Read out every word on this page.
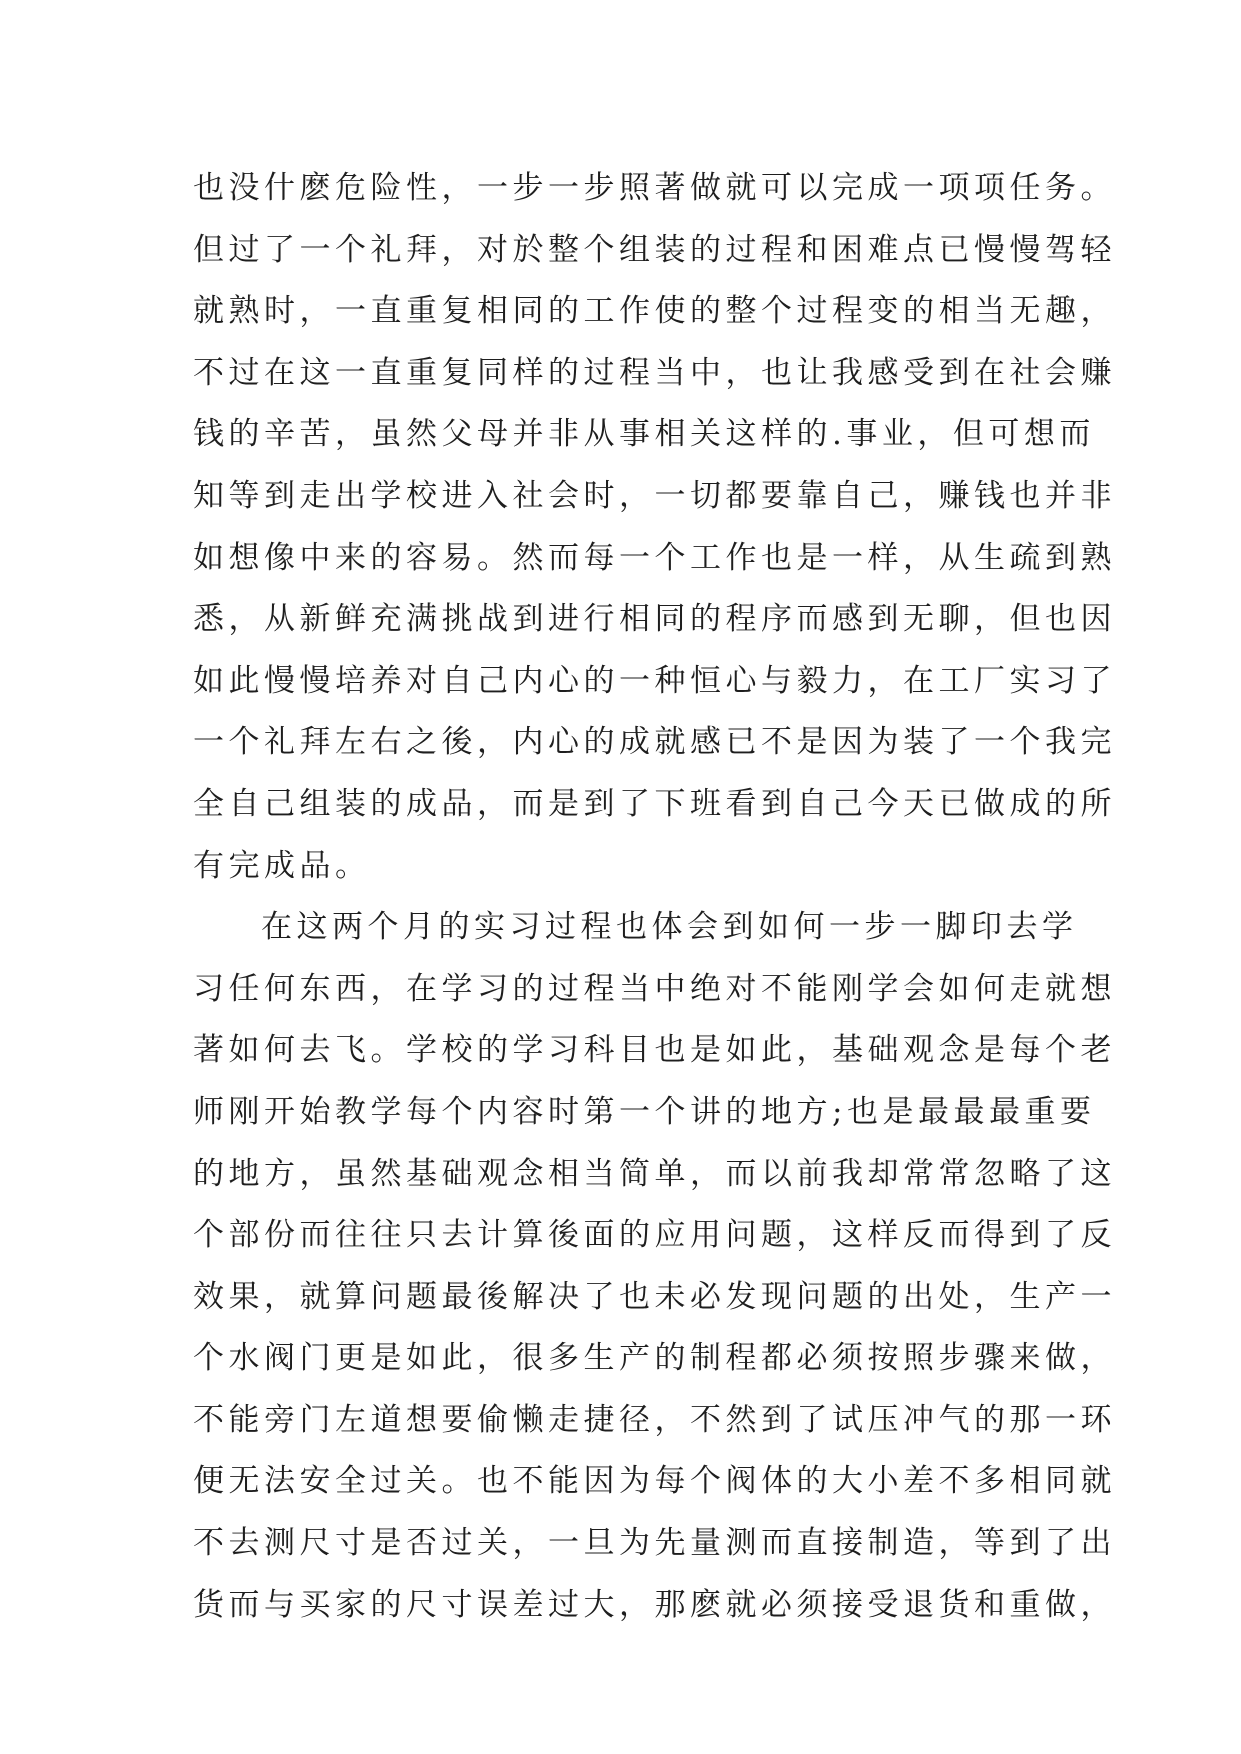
也没什麽危险性，一步一步照著做就可以完成一项项任务。
但过了一个礼拜，对於整个组装的过程和困难点已慢慢驾轻
就熟时，一直重复相同的工作使的整个过程变的相当无趣，
不过在这一直重复同样的过程当中，也让我感受到在社会赚
钱的辛苦，虽然父母并非从事相关这样的.事业，但可想而
知等到走出学校进入社会时，一切都要靠自己，赚钱也并非
如想像中来的容易。然而每一个工作也是一样，从生疏到熟
悉，从新鲜充满挑战到进行相同的程序而感到无聊，但也因
如此慢慢培养对自己内心的一种恒心与毅力，在工厂实习了
一个礼拜左右之後，内心的成就感已不是因为装了一个我完
全自己组装的成品，而是到了下班看到自己今天已做成的所
有完成品。
在这两个月的实习过程也体会到如何一步一脚印去学
习任何东西，在学习的过程当中绝对不能刚学会如何走就想
著如何去飞。学校的学习科目也是如此，基础观念是每个老
师刚开始教学每个内容时第一个讲的地方;也是最最最重要
的地方，虽然基础观念相当简单，而以前我却常常忽略了这
个部份而往往只去计算後面的应用问题，这样反而得到了反
效果，就算问题最後解决了也未必发现问题的出处，生产一
个水阀门更是如此，很多生产的制程都必须按照步骤来做，
不能旁门左道想要偷懒走捷径，不然到了试压冲气的那一环
便无法安全过关。也不能因为每个阀体的大小差不多相同就
不去测尺寸是否过关，一旦为先量测而直接制造，等到了出
货而与买家的尺寸误差过大，那麽就必须接受退货和重做，
